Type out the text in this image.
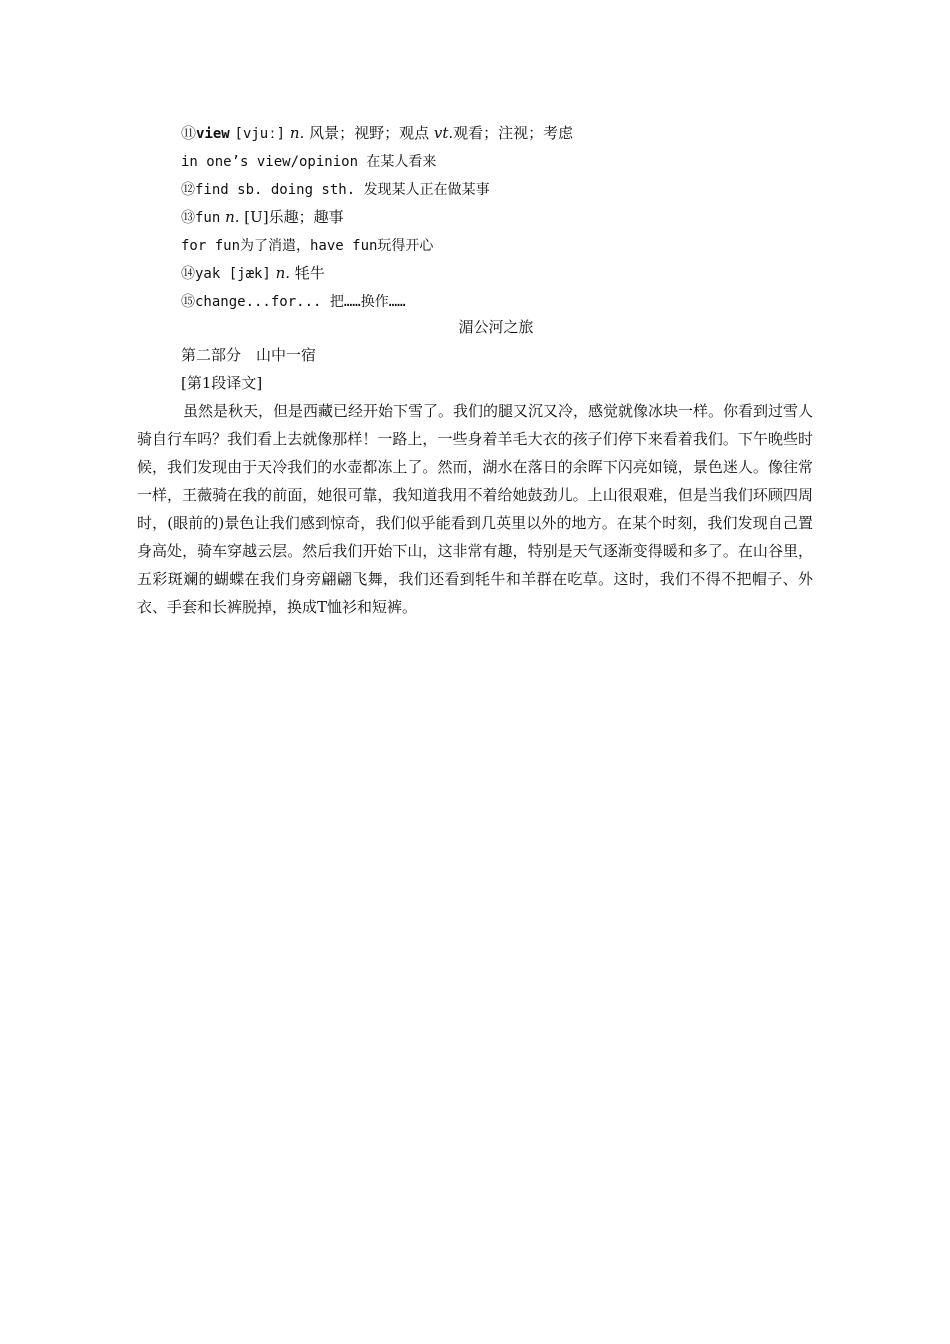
⑪view [vjuː] n. 风景；视野；观点 vt.观看；注视；考虑
in one’s view/opinion 在某人看来
⑫find sb. doing sth. 发现某人正在做某事
⑬fun n. [U]乐趣；趣事
for fun为了消遣，have fun玩得开心
⑭yak [jæk] n. 牦牛
⑮change...for... 把……换作……
湄公河之旅
第二部分　山中一宿
[第1段译文]

虽然是秋天，但是西藏已经开始下雪了。我们的腿又沉又冷，感觉就像冰块一样。你看到过雪人骑自行车吗？我们看上去就像那样！一路上，一些身着羊毛大衣的孩子们停下来看着我们。下午晚些时候，我们发现由于天冷我们的水壶都冻上了。然而，湖水在落日的余晖下闪亮如镜，景色迷人。像往常一样，王薇骑在我的前面，她很可靠，我知道我用不着给她鼓劲儿。上山很艰难，但是当我们环顾四周时，(眼前的)景色让我们感到惊奇，我们似乎能看到几英里以外的地方。在某个时刻，我们发现自己置身高处，骑车穿越云层。然后我们开始下山，这非常有趣，特别是天气逐渐变得暖和多了。在山谷里，五彩斑斓的蝴蝶在我们身旁翩翩飞舞，我们还看到牦牛和羊群在吃草。这时，我们不得不把帽子、外衣、手套和长裤脱掉，换成T恤衫和短裤。
